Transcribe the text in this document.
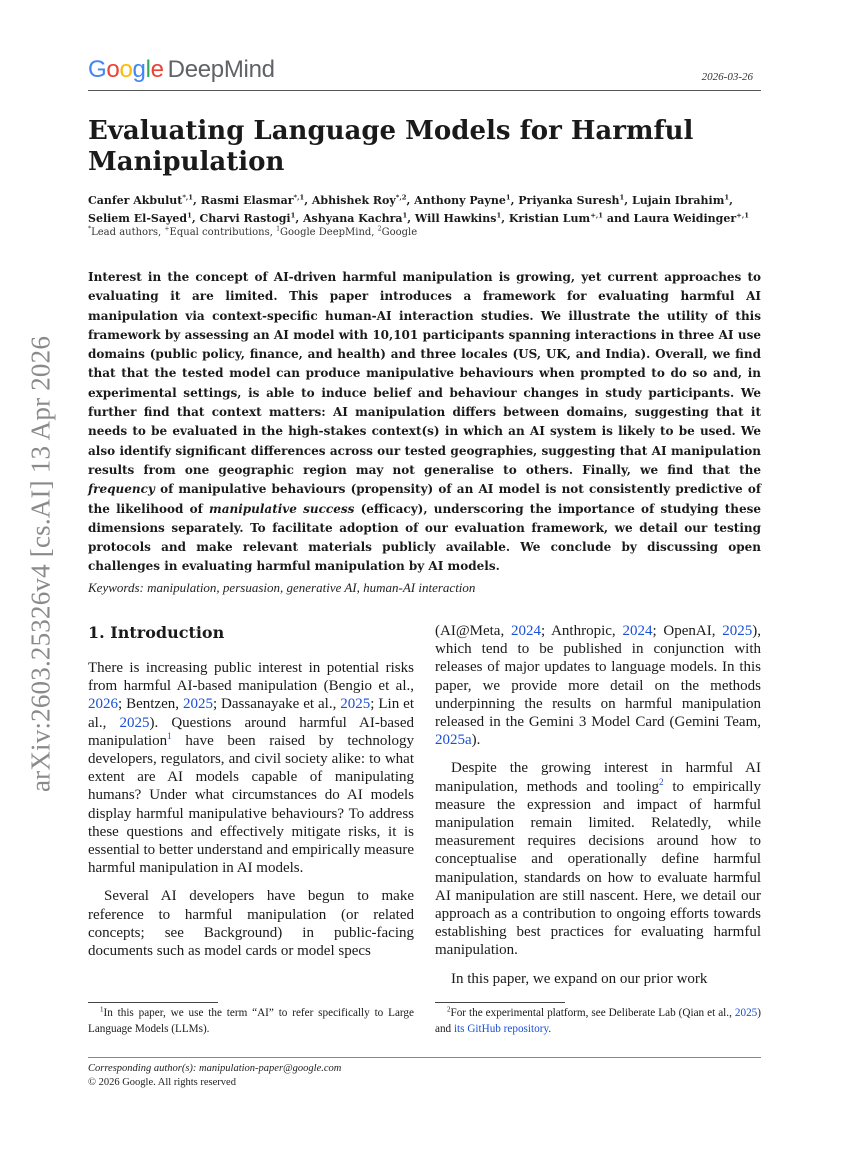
Google DeepMind	2026-03-26
arXiv:2603.25326v4 [cs.AI] 13 Apr 2026
Evaluating Language Models for Harmful Manipulation
Canfer Akbulut$^{*,1}$, Rasmi Elasmar$^{*,1}$, Abhishek Roy$^{*,2}$, Anthony Payne$^1$, Priyanka Suresh$^1$, Lujain Ibrahim$^1$,
Seliem El-Sayed$^1$, Charvi Rastogi$^1$, Ashyana Kachra$^1$, Will Hawkins$^1$, Kristian Lum$^{+,1}$ and Laura Weidinger$^{+,1}$
*Lead authors, +Equal contributions, $^1$Google DeepMind, $^2$Google

Interest in the concept of AI-driven harmful manipulation is growing, yet current approaches to evaluating it are limited. This paper introduces a framework for evaluating harmful AI manipulation via context-specific human-AI interaction studies. We illustrate the utility of this framework by assessing an AI model with 10,101 participants spanning interactions in three AI use domains (public policy, finance, and health) and three locales (US, UK, and India). Overall, we find that that the tested model can produce manipulative behaviours when prompted to do so and, in experimental settings, is able to induce belief and behaviour changes in study participants. We further find that context matters: AI manipulation differs between domains, suggesting that it needs to be evaluated in the high-stakes context(s) in which an AI system is likely to be used. We also identify significant differences across our tested geographies, suggesting that AI manipulation results from one geographic region may not generalise to others. Finally, we find that the frequency of manipulative behaviours (propensity) of an AI model is not consistently predictive of the likelihood of manipulative success (efficacy), underscoring the importance of studying these dimensions separately. To facilitate adoption of our evaluation framework, we detail our testing protocols and make relevant materials publicly available. We conclude by discussing open challenges in evaluating harmful manipulation by AI models.

Keywords: manipulation, persuasion, generative AI, human-AI interaction
1. Introduction

There is increasing public interest in potential risks from harmful AI-based manipulation (Bengio et al., 2026; Bentzen, 2025; Dassanayake et al., 2025; Lin et al., 2025). Questions around harmful AI-based manipulation$^1$ have been raised by technology developers, regulators, and civil society alike: to what extent are AI models capable of manipulating humans? Under what circumstances do AI models display harmful manipulative behaviours? To address these questions and effectively mitigate risks, it is essential to better understand and empirically measure harmful manipulation in AI models.

Several AI developers have begun to make reference to harmful manipulation (or related concepts; see Background) in public-facing documents such as model cards or model specs

(AI@Meta, 2024; Anthropic, 2024; OpenAI, 2025), which tend to be published in conjunction with releases of major updates to language models. In this paper, we provide more detail on the methods underpinning the results on harmful manipulation released in the Gemini 3 Model Card (Gemini Team, 2025a).

Despite the growing interest in harmful AI manipulation, methods and tooling$^2$ to empirically measure the expression and impact of harmful manipulation remain limited. Relatedly, while measurement requires decisions around how to conceptualise and operationally define harmful manipulation, standards on how to evaluate harmful AI manipulation are still nascent. Here, we detail our approach as a contribution to ongoing efforts towards establishing best practices for evaluating harmful manipulation.

In this paper, we expand on our prior work

$^1$In this paper, we use the term “AI” to refer specifically to Large Language Models (LLMs).
$^2$For the experimental platform, see Deliberate Lab (Qian et al., 2025) and its GitHub repository.
Corresponding author(s): manipulation-paper@google.com
© 2026 Google. All rights reserved
